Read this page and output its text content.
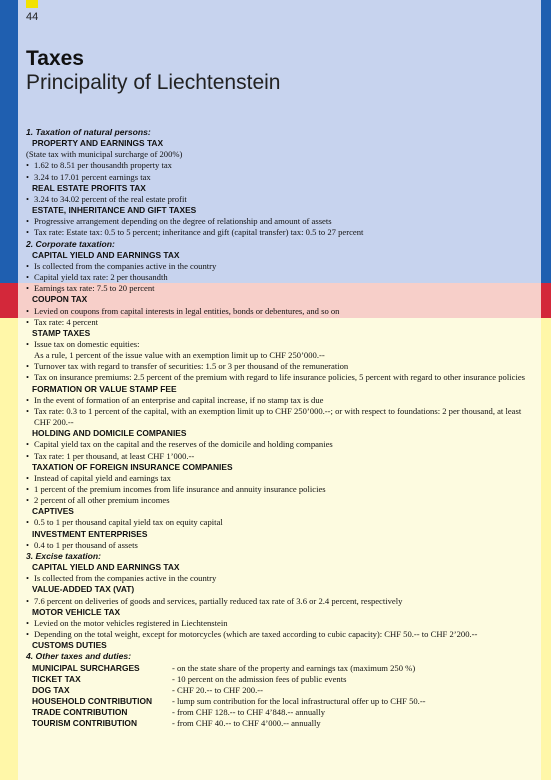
44
Taxes
Principality of Liechtenstein
1. Taxation of natural persons:
PROPERTY AND EARNINGS TAX
(State tax with municipal surcharge of 200%)
• 1.62 to 8.51 per thousandth property tax
• 3.24 to 17.01 percent earnings tax
REAL ESTATE PROFITS TAX
• 3.24 to 34.02 percent of the real estate profit
ESTATE, INHERITANCE AND GIFT TAXES
• Progressive arrangement depending on the degree of relationship and amount of assets
• Tax rate: Estate tax: 0.5 to 5 percent; inheritance and gift (capital transfer) tax: 0.5 to 27 percent
2. Corporate taxation:
CAPITAL YIELD AND EARNINGS TAX
• Is collected from the companies active in the country
• Capital yield tax rate: 2 per thousandth
• Earnings tax rate: 7.5 to 20 percent
COUPON TAX
• Levied on coupons from capital interests in legal entities, bonds or debentures, and so on
• Tax rate: 4 percent
STAMP TAXES
• Issue tax on domestic equities:
As a rule, 1 percent of the issue value with an exemption limit up to CHF 250’000.--
• Turnover tax with regard to transfer of securities: 1.5 or 3 per thousand of the remuneration
• Tax on insurance premiums: 2.5 percent of the premium with regard to life insurance policies, 5 percent with regard to other insurance policies
FORMATION OR VALUE STAMP FEE
• In the event of formation of an enterprise and capital increase, if no stamp tax is due
• Tax rate: 0.3 to 1 percent of the capital, with an exemption limit up to CHF 250’000.--; or with respect to foundations: 2 per thousand, at least CHF 200.--
HOLDING AND DOMICILE COMPANIES
• Capital yield tax on the capital and the reserves of the domicile and holding companies
• Tax rate: 1 per thousand, at least CHF 1’000.--
TAXATION OF FOREIGN INSURANCE COMPANIES
• Instead of capital yield and earnings tax
• 1 percent of the premium incomes from life insurance and annuity insurance policies
• 2 percent of all other premium incomes
CAPTIVES
• 0.5 to 1 per thousand capital yield tax on equity capital
INVESTMENT ENTERPRISES
• 0.4 to 1 per thousand of assets
3. Excise taxation:
CAPITAL YIELD AND EARNINGS TAX
• Is collected from the companies active in the country
VALUE-ADDED TAX (VAT)
• 7.6 percent on deliveries of goods and services, partially reduced tax rate of 3.6 or 2.4 percent, respectively
MOTOR VEHICLE TAX
• Levied on the motor vehicles registered in Liechtenstein
• Depending on the total weight, except for motorcycles (which are taxed according to cubic capacity): CHF 50.-- to CHF 2’200.--
CUSTOMS DUTIES
4. Other taxes and duties:
MUNICIPAL SURCHARGES	- on the state share of the property and earnings tax (maximum 250 %)
TICKET TAX	- 10 percent on the admission fees of public events
DOG TAX	- CHF 20.-- to CHF 200.--
HOUSEHOLD CONTRIBUTION	- lump sum contribution for the local infrastructural offer up to CHF 50.--
TRADE CONTRIBUTION	- from CHF 128.-- to CHF 4’848.-- annually
TOURISM CONTRIBUTION	- from CHF 40.-- to CHF 4’000.-- annually
